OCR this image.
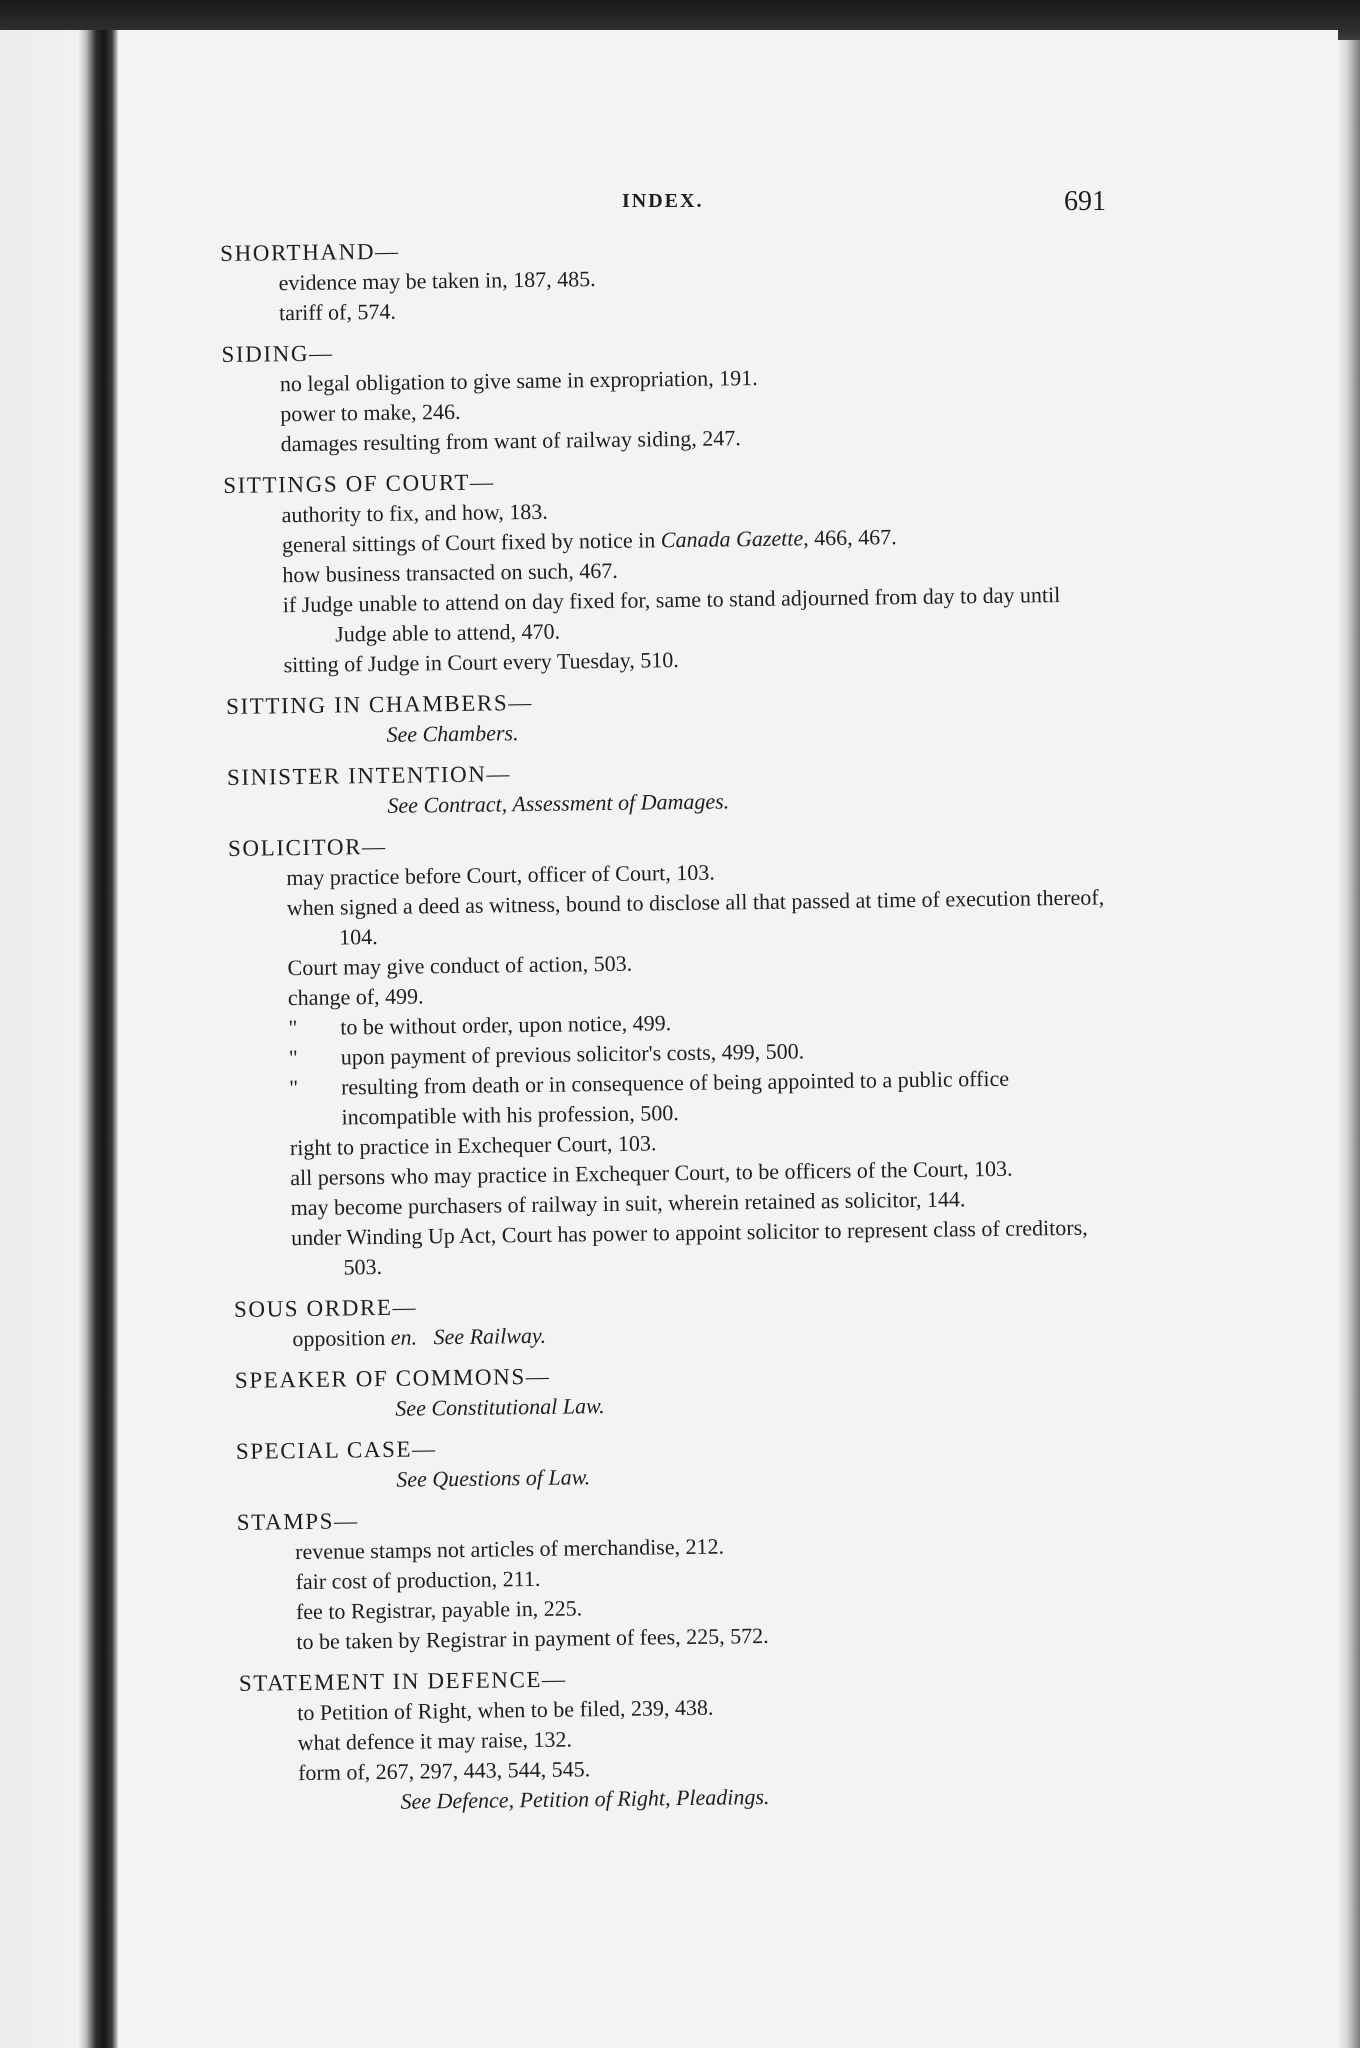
INDEX.	691
SHORTHAND—
evidence may be taken in, 187, 485.
tariff of, 574.
SIDING—
no legal obligation to give same in expropriation, 191.
power to make, 246.
damages resulting from want of railway siding, 247.
SITTINGS OF COURT—
authority to fix, and how, 183.
general sittings of Court fixed by notice in Canada Gazette, 466, 467.
how business transacted on such, 467.
if Judge unable to attend on day fixed for, same to stand adjourned from day to day until Judge able to attend, 470.
sitting of Judge in Court every Tuesday, 510.
SITTING IN CHAMBERS—
See Chambers.
SINISTER INTENTION—
See Contract, Assessment of Damages.
SOLICITOR—
may practice before Court, officer of Court, 103.
when signed a deed as witness, bound to disclose all that passed at time of execution thereof, 104.
Court may give conduct of action, 503.
change of, 499.
" to be without order, upon notice, 499.
" upon payment of previous solicitor's costs, 499, 500.
" resulting from death or in consequence of being appointed to a public office incompatible with his profession, 500.
right to practice in Exchequer Court, 103.
all persons who may practice in Exchequer Court, to be officers of the Court, 103.
may become purchasers of railway in suit, wherein retained as solicitor, 144.
under Winding Up Act, Court has power to appoint solicitor to represent class of creditors, 503.
SOUS ORDRE—
opposition en. See Railway.
SPEAKER OF COMMONS—
See Constitutional Law.
SPECIAL CASE—
See Questions of Law.
STAMPS—
revenue stamps not articles of merchandise, 212.
fair cost of production, 211.
fee to Registrar, payable in, 225.
to be taken by Registrar in payment of fees, 225, 572.
STATEMENT IN DEFENCE—
to Petition of Right, when to be filed, 239, 438.
what defence it may raise, 132.
form of, 267, 297, 443, 544, 545.
See Defence, Petition of Right, Pleadings.
